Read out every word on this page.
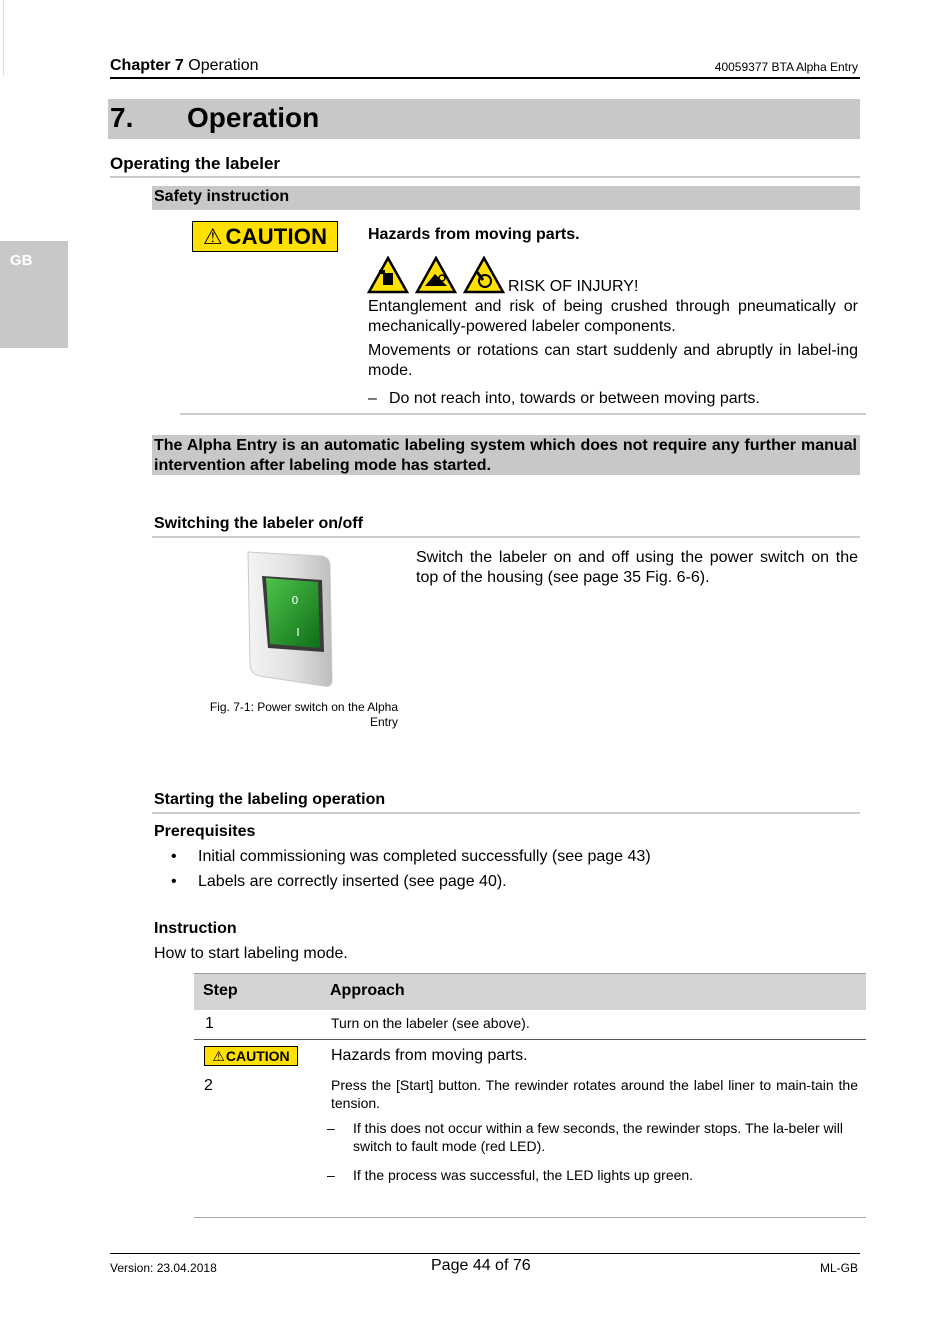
Chapter 7 Operation	40059377 BTA Alpha Entry
GB
7. Operation
Operating the labeler
Safety instruction
⚠ CAUTION	Hazards from moving parts.
RISK OF INJURY!
Entanglement and risk of being crushed through pneumatically or mechanically-powered labeler components.
Movements or rotations can start suddenly and abruptly in label-ing mode.
– Do not reach into, towards or between moving parts.

The Alpha Entry is an automatic labeling system which does not require any further manual intervention after labeling mode has started.

Switching the labeler on/off
Switch the labeler on and off using the power switch on the top of the housing (see page 35 Fig. 6-6).
0
I
Fig. 7-1: Power switch on the Alpha Entry
Starting the labeling operation
Prerequisites
• Initial commissioning was completed successfully (see page 43)
• Labels are correctly inserted (see page 40).
Instruction
How to start labeling mode.
Step	Approach
1	Turn on the labeler (see above).
⚠ CAUTION	Hazards from moving parts.
2	Press the [Start] button. The rewinder rotates around the label liner to main-tain the tension.
– If this does not occur within a few seconds, the rewinder stops. The la-beler will switch to fault mode (red LED).
– If the process was successful, the LED lights up green.
Version: 23.04.2018	Page 44 of 76	ML-GB
